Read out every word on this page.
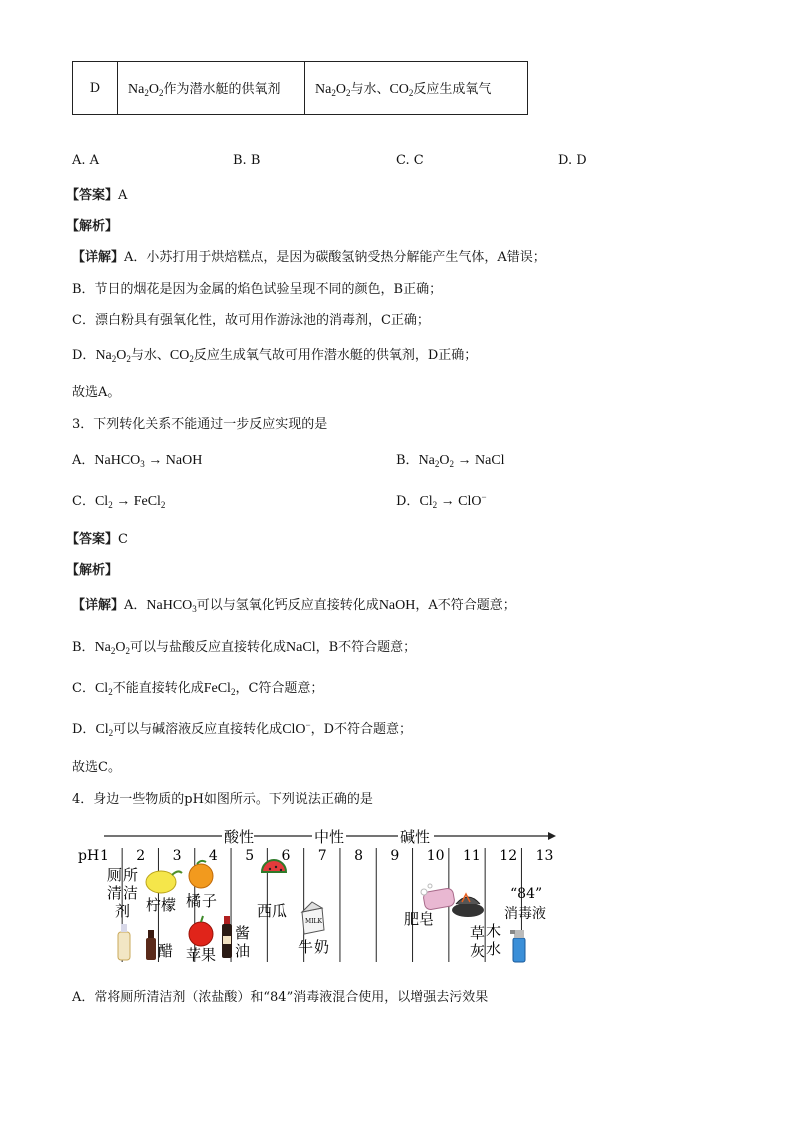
D	$Na_2O_2$作为潜水艇的供氧剂	$Na_2O_2$与水、$CO_2$反应生成氧气
A. A	B. B	C. C	D. D
【答案】A
【解析】
【详解】A．小苏打用于烘焙糕点，是因为碳酸氢钠受热分解能产生气体，A错误；
B．节日的烟花是因为金属的焰色试验呈现不同的颜色，B正确；
C．漂白粉具有强氧化性，故可用作游泳池的消毒剂，C正确；
D．$Na_2O_2$与水、$CO_2$反应生成氧气故可用作潜水艇的供氧剂，D正确；
故选A。
3．下列转化关系不能通过一步反应实现的是
A．NaHCO$_3$ → NaOH	B．$Na_2O_2$ → NaCl
C．$Cl_2$ → FeCl$_2$	D．$Cl_2 \to ClO^-$
【答案】C
【解析】
【详解】A．NaHCO$_3$可以与氢氧化钙反应直接转化成NaOH，A不符合题意；
B．$Na_2O_2$可以与盐酸反应直接转化成NaCl，B不符合题意；
C．$Cl_2$不能直接转化成FeCl$_2$，C符合题意；
D．$Cl_2$可以与碱溶液反应直接转化成ClO−，D不符合题意；
故选C。
4．身边一些物质的pH如图所示。下列说法正确的是
酸性	中性	碱性
pH 1 2 3 4 5 6 7 8 9 10 11 12 13
厕 所
清 洁
剂 柠檬
醋
橘 子
苹果
酱
油
西瓜
MILK
牛 奶
肥皂
草 木
灰 水
“84”
消毒液
A．常将厕所清洁剂（浓盐酸）和“84”消毒液混合使用，以增强去污效果
